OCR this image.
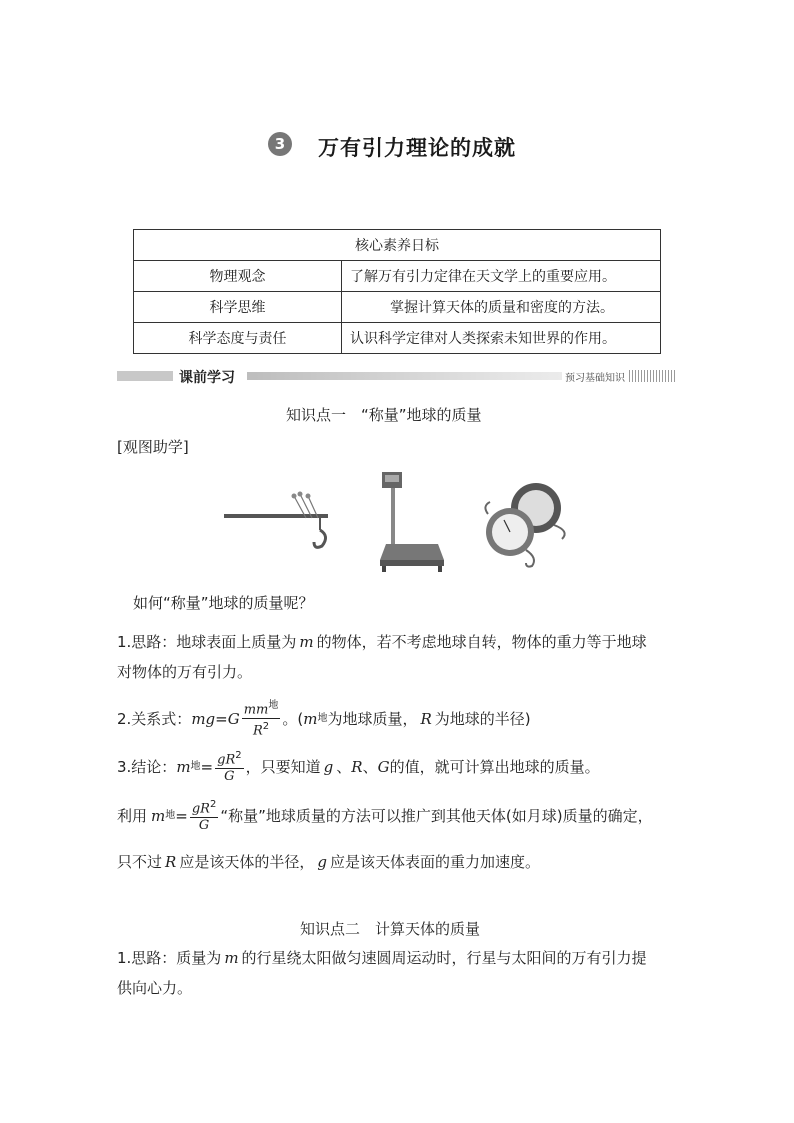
3	万有引力理论的成就
核心素养日标	
物理观念	了解万有引力定律在天文学上的重要应用。
科学思维	掌握计算天体的质量和密度的方法。
科学态度与责任	认识科学定律对人类探索未知世界的作用。
课前学习	预习基础知识
知识点一　“称量”地球的质量
[观图助学]
如何“称量”地球的质量呢？
1.思路：地球表面上质量为 m 的物体，若不考虑地球自转，物体的重力等于地球
对物体的万有引力。
2.关系式： mg = G $\frac{mm^地}{R^2}$ 。( m 地 为地球质量， R 为地球的半径)
3.结论： m 地 = $\frac{gR^2}{G}$ ，只要知道 g 、 R 、 G 的值，就可计算出地球的质量。
利用 m 地 = $\frac{gR^2}{G}$ “称量”地球质量的方法可以推广到其他天体(如月球)质量的确定，
只不过 R 应是该天体的半径， g 应是该天体表面的重力加速度。
知识点二　计算天体的质量
1.思路：质量为 m 的行星绕太阳做匀速圆周运动时，行星与太阳间的万有引力提
供向心力。
